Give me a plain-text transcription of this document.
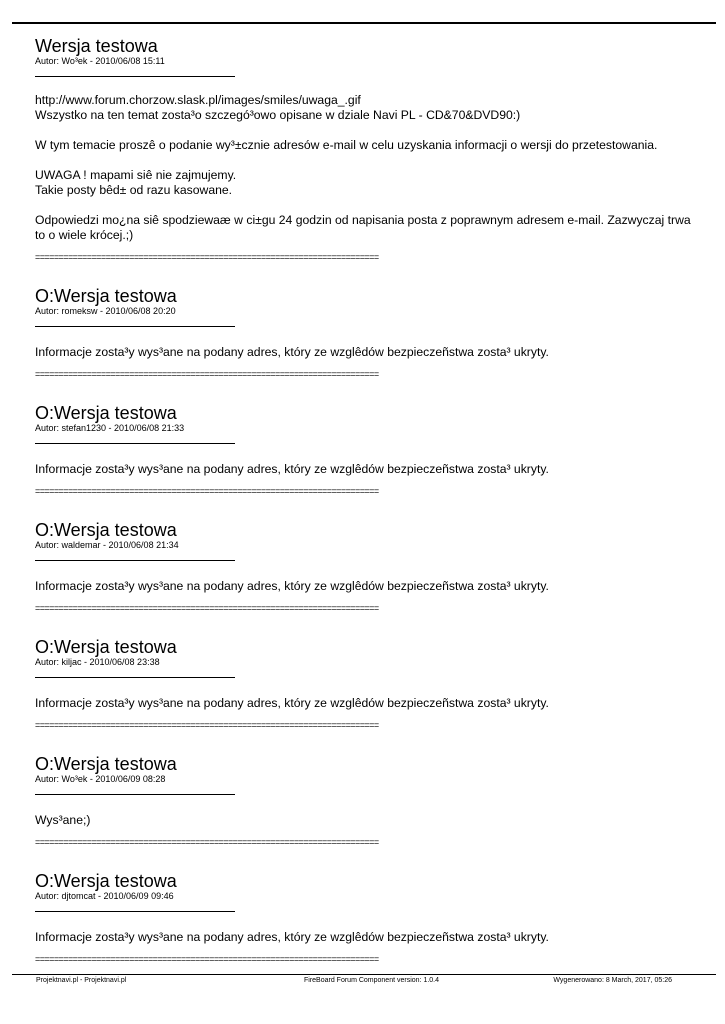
Wersja testowa
Autor: Wo³ek - 2010/06/08 15:11

http://www.forum.chorzow.slask.pl/images/smiles/uwaga_.gif
Wszystko na ten temat zosta³o szczegó³owo opisane w dziale Navi PL - CD&70&DVD90:)

W tym temacie proszê o podanie wy³±cznie adresów e-mail w celu uzyskania informacji o wersji do przetestowania.

UWAGA ! mapami siê nie zajmujemy.
Takie posty bêd± od razu kasowane.

Odpowiedzi mo¿na siê spodziewaæ w ci±gu 24 godzin od napisania posta z poprawnym adresem e-mail. Zazwyczaj trwa to o wiele krócej.;)

=========================================================================
O:Wersja testowa
Autor: romeksw - 2010/06/08 20:20

Informacje zosta³y wys³ane na podany adres, który ze wzglêdów bezpieczeñstwa zosta³ ukryty.

=========================================================================
O:Wersja testowa
Autor: stefan1230 - 2010/06/08 21:33

Informacje zosta³y wys³ane na podany adres, który ze wzglêdów bezpieczeñstwa zosta³ ukryty.

=========================================================================
O:Wersja testowa
Autor: waldemar - 2010/06/08 21:34

Informacje zosta³y wys³ane na podany adres, który ze wzglêdów bezpieczeñstwa zosta³ ukryty.

=========================================================================
O:Wersja testowa
Autor: kiljac - 2010/06/08 23:38

Informacje zosta³y wys³ane na podany adres, który ze wzglêdów bezpieczeñstwa zosta³ ukryty.

=========================================================================
O:Wersja testowa
Autor: Wo³ek - 2010/06/09 08:28

Wys³ane;)

=========================================================================
O:Wersja testowa
Autor: djtomcat - 2010/06/09 09:46

Informacje zosta³y wys³ane na podany adres, który ze wzglêdów bezpieczeñstwa zosta³ ukryty.

=========================================================================
Projektnavi.pl - Projektnavi.pl	FireBoard Forum Component version: 1.0.4	Wygenerowano: 8 March, 2017, 05:26
